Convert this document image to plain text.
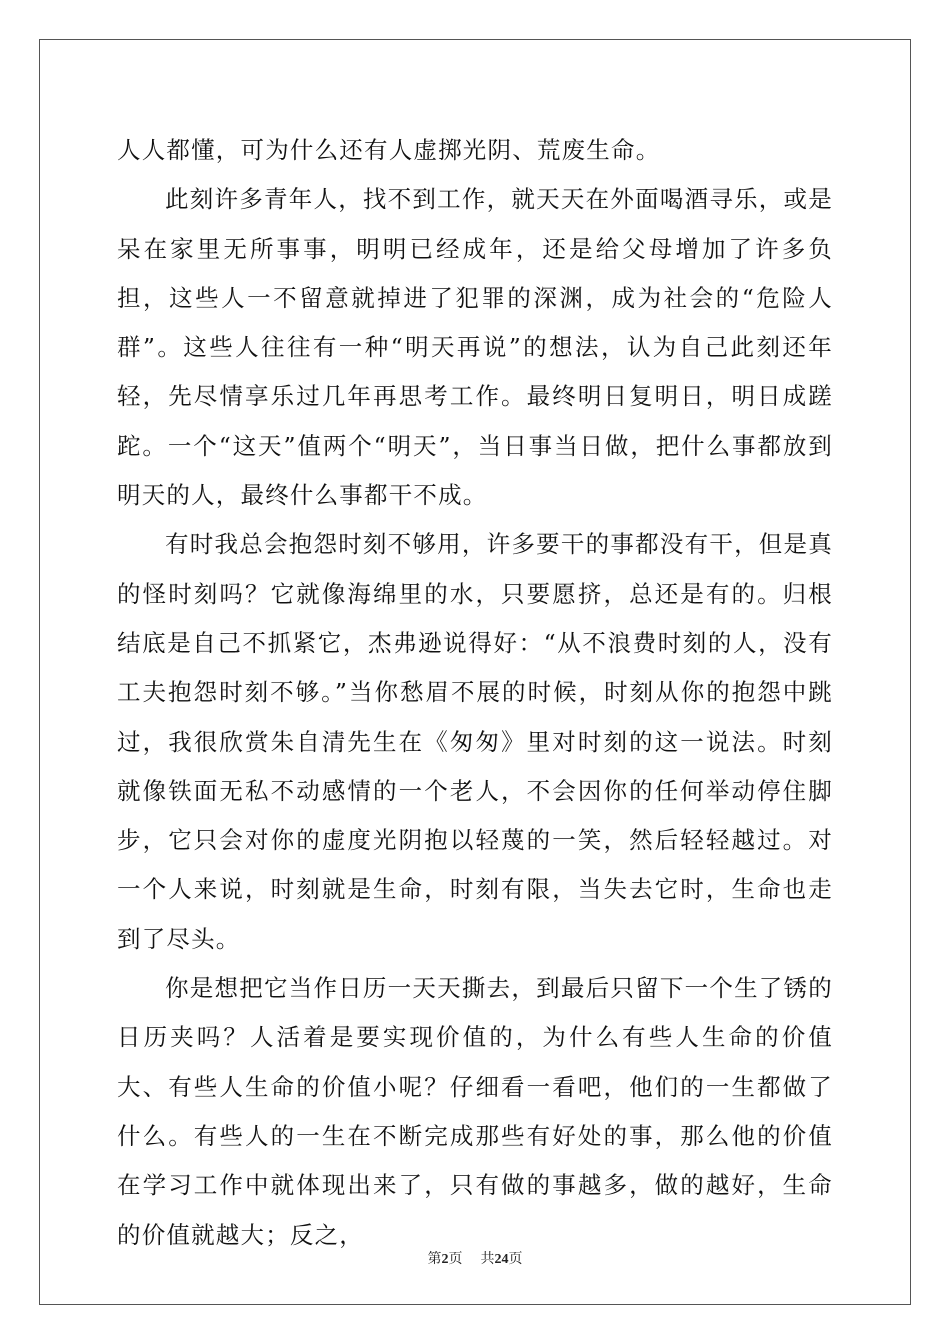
人人都懂，可为什么还有人虚掷光阴、荒废生命。

此刻许多青年人，找不到工作，就天天在外面喝酒寻乐，或是呆在家里无所事事，明明已经成年，还是给父母增加了许多负担，这些人一不留意就掉进了犯罪的深渊，成为社会的“危险人群”。这些人往往有一种“明天再说”的想法，认为自己此刻还年轻，先尽情享乐过几年再思考工作。最终明日复明日，明日成蹉跎。一个“这天”值两个“明天”，当日事当日做，把什么事都放到明天的人，最终什么事都干不成。

有时我总会抱怨时刻不够用，许多要干的事都没有干，但是真的怪时刻吗？它就像海绵里的水，只要愿挤，总还是有的。归根结底是自己不抓紧它，杰弗逊说得好：“从不浪费时刻的人，没有工夫抱怨时刻不够。”当你愁眉不展的时候，时刻从你的抱怨中跳过，我很欣赏朱自清先生在《匆匆》里对时刻的这一说法。时刻就像铁面无私不动感情的一个老人，不会因你的任何举动停住脚步，它只会对你的虚度光阴抱以轻蔑的一笑，然后轻轻越过。对一个人来说，时刻就是生命，时刻有限，当失去它时，生命也走到了尽头。

你是想把它当作日历一天天撕去，到最后只留下一个生了锈的日历夹吗？人活着是要实现价值的，为什么有些人生命的价值大、有些人生命的价值小呢？仔细看一看吧，他们的一生都做了什么。有些人的一生在不断完成那些有好处的事，那么他的价值在学习工作中就体现出来了，只有做的事越多，做的越好，生命的价值就越大；反之，

第2页 共24页
